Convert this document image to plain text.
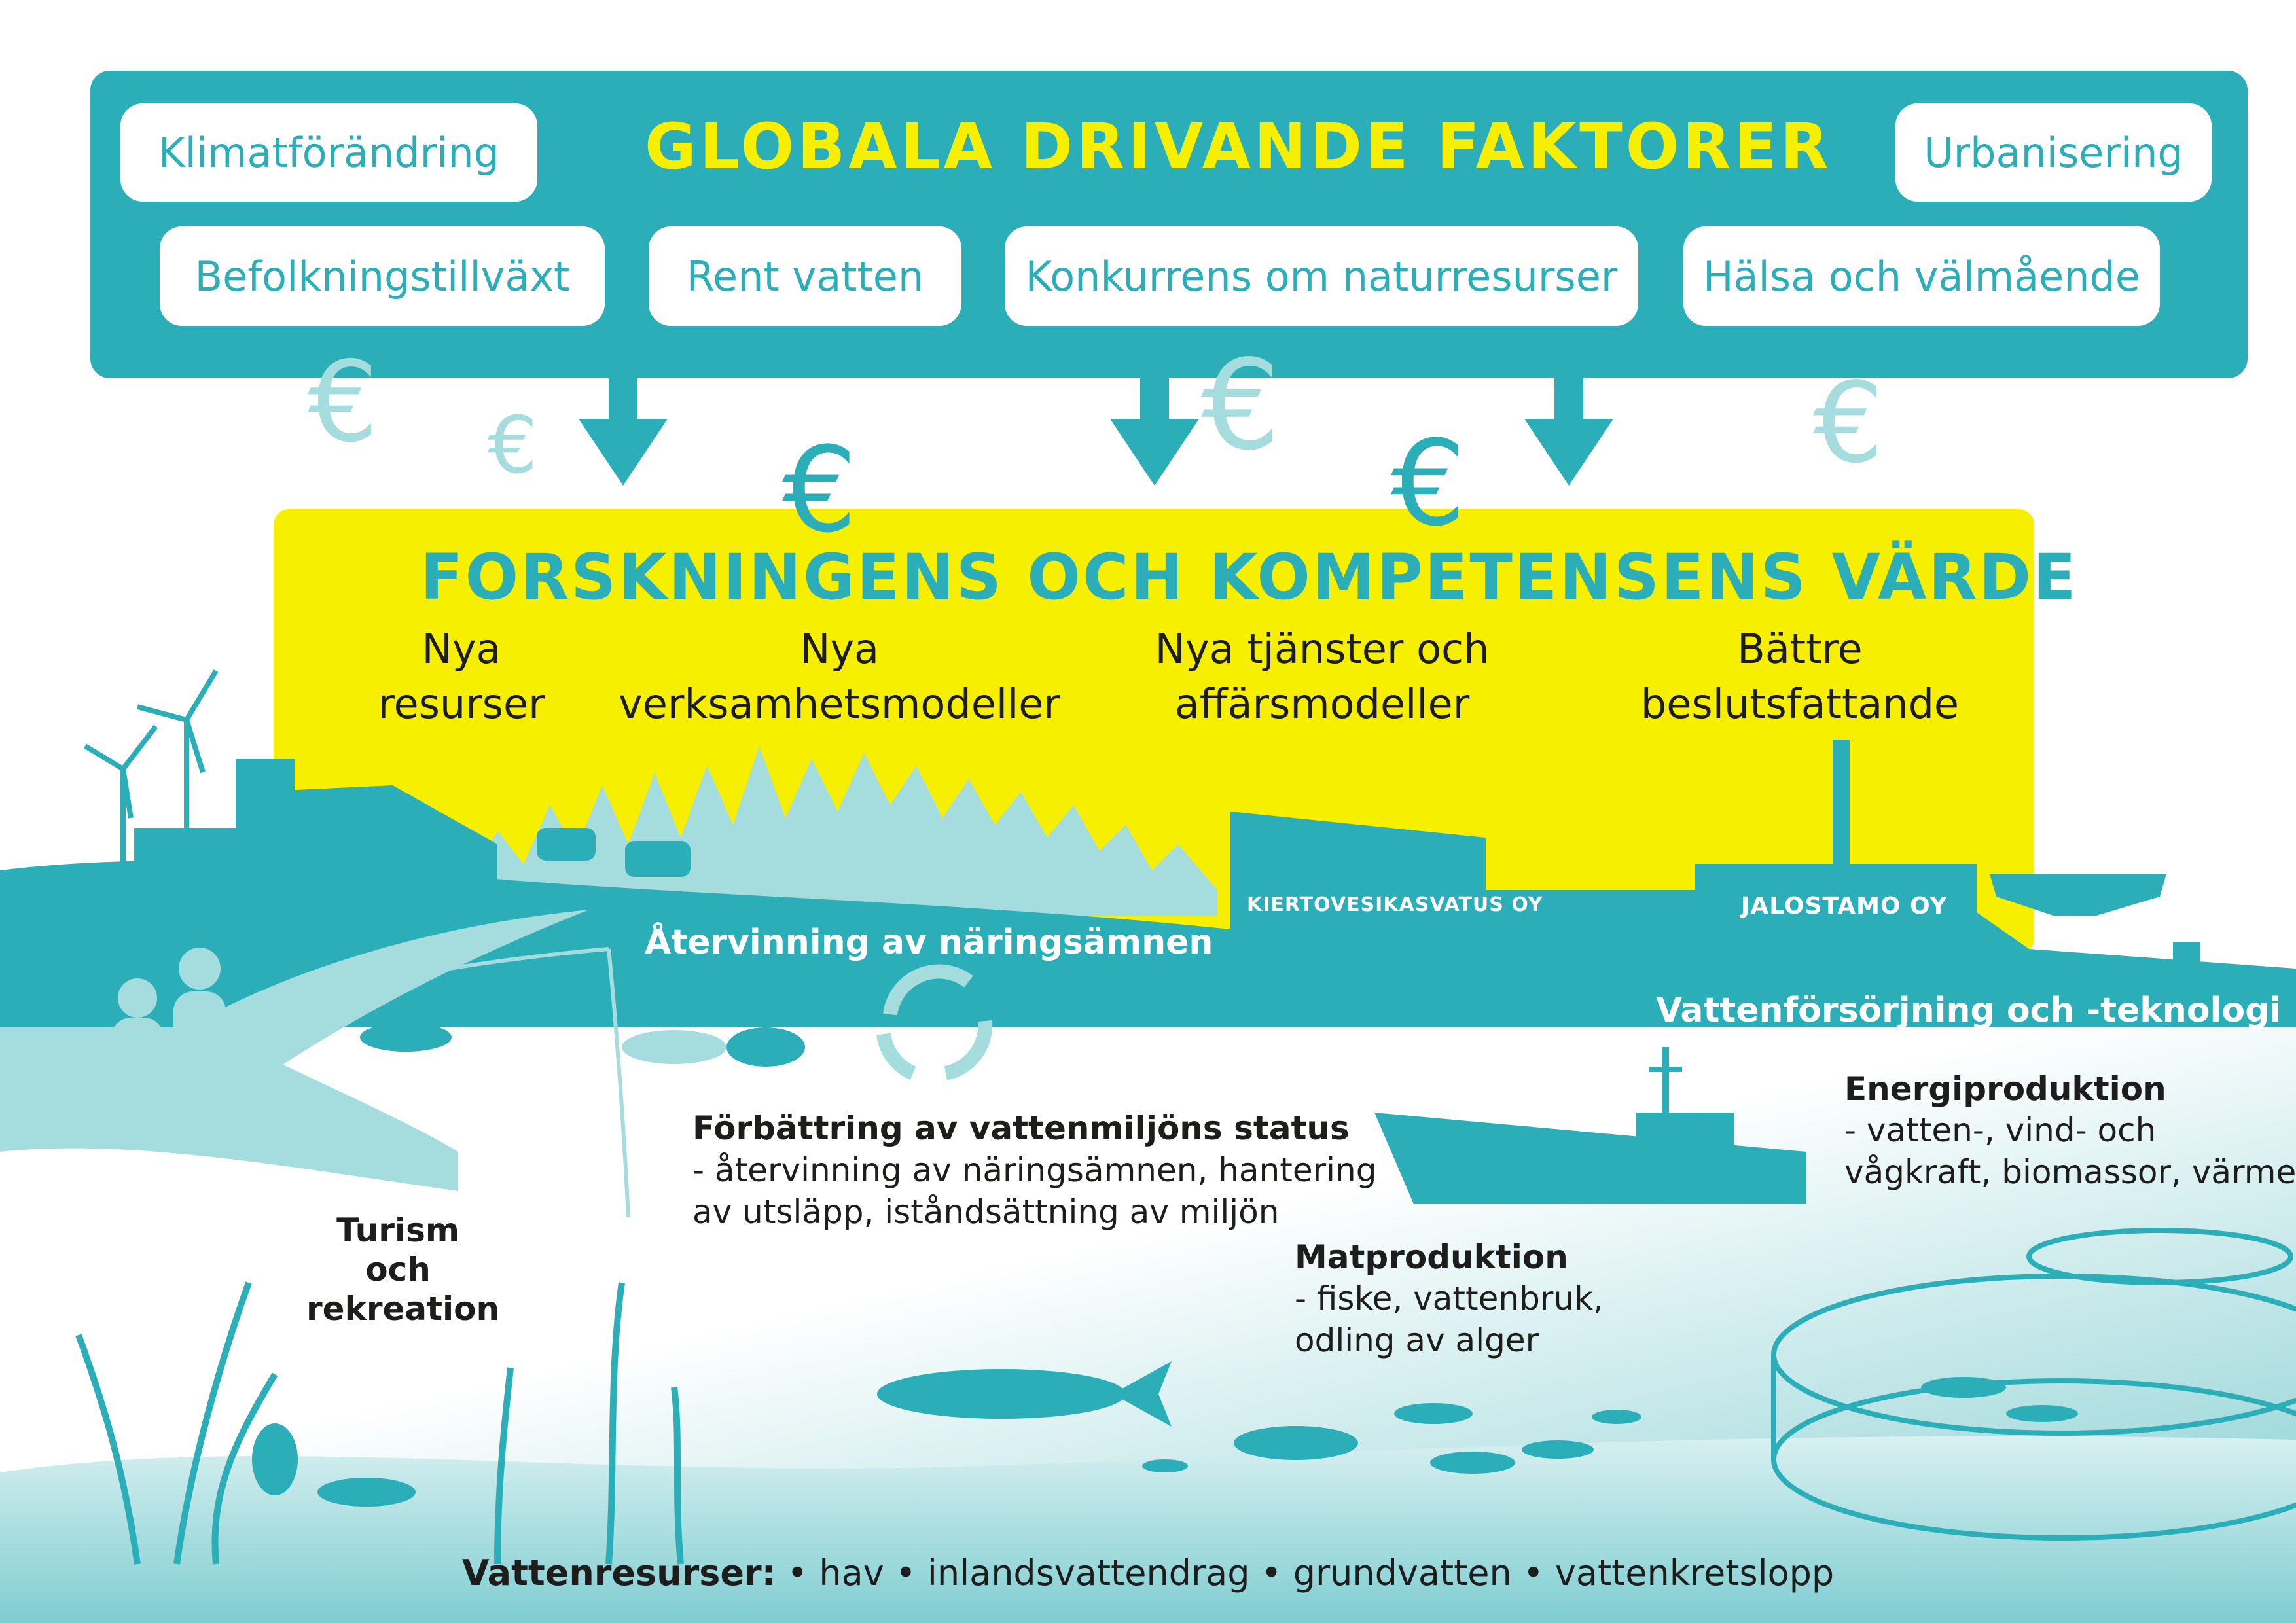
GLOBALA DRIVANDE FAKTORER
Klimatförändring	Urbanisering
Befolkningstillväxt	Rent vatten	Konkurrens om naturresurser	Hälsa och välmående
€ € €
€
€	€
FORSKNINGENS OCH KOMPETENSENS VÄRDE
Nya
resurser
Nya
verksamhetsmodeller
Nya tjänster och
affärsmodeller
Bättre
beslutsfattande
Återvinning av näringsämnen
KIERTOVESIKASVATUS OY	JALOSTAMO OY
Vattenförsörjning och -teknologi
Turism och
rekreation
Förbättring av vattenmiljöns status
- återvinning av näringsämnen, hantering
av utsläpp, iståndsättning av miljön
Matproduktion
- fiske, vattenbruk,
odling av alger
Energiproduktion
- vatten-, vind- och
vågkraft, biomassor, värme
Vattenresurser: • hav • inlandsvattendrag • grundvatten • vattenkretslopp
